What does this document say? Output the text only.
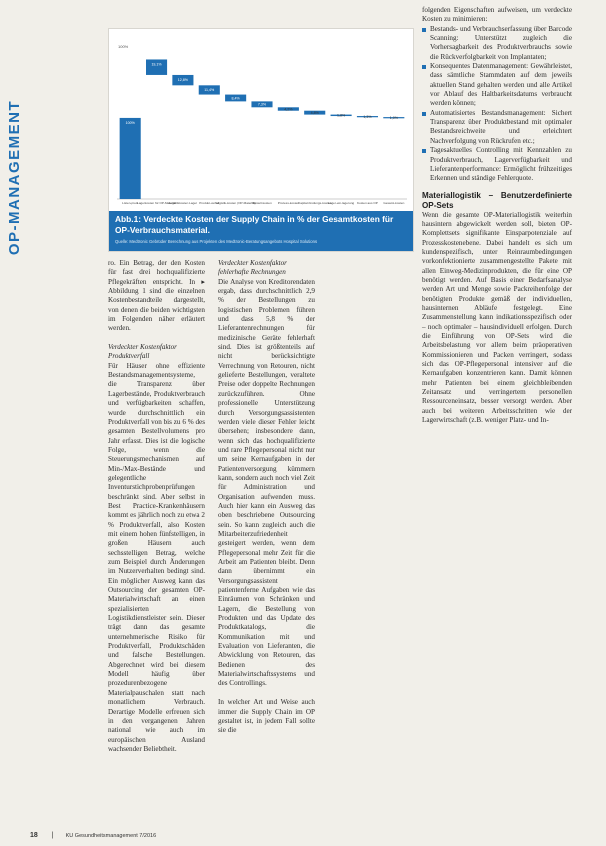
OP-MANAGEMENT
100%
100%
Listen-preis
19,1%
Lagerkosten für OP-Material
12,8%
Logistikkosten Lager
11,4%
Produkt-verfall
8,4%
Logistik-kosten (OP-Material)
7,3%
Bestell-kosten
4,2%
Prozess-kosten
4,8%
Kapital-bindungs-kosten
1,8%
Lager-ein-lagerung
1,3%
Kosten aus OP
1,0%
Gesamt-kosten
Abb.1: Verdeckte Kosten der Supply Chain in % der Gesamtkosten für OP-Verbrauchsmaterial.
Quelle: Medtronic Gebrüder Berechnung aus Projekten des Medtronic-Beratungsangebots Hospital Solutions

ro. Ein Betrag, der den Kosten für fast drei hochqualifizierte Pflegekräften entspricht. In ▸ Abbildung 1 sind die einzelnen Kostenbestandteile dargestellt, von denen die beiden wichtigsten im Folgenden näher erläutert werden.

Verdeckter Kostenfaktor
Produktverfall

Für Häuser ohne effiziente Bestandsmanagementsysteme, die Transparenz über Lagerbestände, Produktverbrauch und verfügbarkeiten schaffen, wurde durchschnittlich ein Produktverfall von bis zu 6 % des gesamten Bestellvolumens pro Jahr erfasst. Dies ist die logische Folge, wenn die Steuerungsmechanismen auf Min-/Max-Bestände und gelegentliche Inventurstichprobenprüfungen beschränkt sind. Aber selbst in Best Practice-Krankenhäusern kommt es jährlich noch zu etwa 2 % Produktverfall, also Kosten mit einem hohen fünfstelligen, in großen Häusern auch sechsstelligen Betrag, welche zum Beispiel durch Änderungen im Nutzerverhalten bedingt sind. Ein möglicher Ausweg kann das Outsourcing der gesamten OP-Materialwirtschaft an einen spezialisierten Logistikdienstleister sein. Dieser trägt dann das gesamte unternehmerische Risiko für Produktverfall, Produktschäden und falsche Bestellungen. Abgerechnet wird bei diesem Modell häufig über prozedurenbezogene Materialpauschalen statt nach monatlichem Verbrauch. Derartige Modelle erfreuen sich in den vergangenen Jahren national wie auch im europäischen Ausland wachsender Beliebtheit.

Verdeckter Kostenfaktor
fehlerhafte Rechnungen

Die Analyse von Kreditorendaten ergab, dass durchschnittlich 2,9 % der Bestellungen zu logistischen Problemen führen und dass 5,8 % der Lieferantenrechnungen für medizinische Geräte fehlerhaft sind. Dies ist größtenteils auf nicht berücksichtigte Verrechnung von Retouren, nicht gelieferte Bestellungen, veraltete Preise oder doppelte Rechnungen zurückzuführen. Ohne professionelle Unterstützung durch Versorgungsassistenten werden viele dieser Fehler leicht übersehen; insbesondere dann, wenn sich das hochqualifizierte und rare Pflegepersonal nicht nur um seine Kernaufgaben in der Patientenversorgung kümmern kann, sondern auch noch viel Zeit für Administration und Organisation aufwenden muss. Auch hier kann ein Ausweg das oben beschriebene Outsourcing sein. So kann zugleich auch die Mitarbeiterzufriedenheit gesteigert werden, wenn dem Pflegepersonal mehr Zeit für die Arbeit am Patienten bleibt. Denn dann übernimmt ein Versorgungsassistent patientenferne Aufgaben wie das Einräumen von Schränken und Lagern, die Bestellung von Produkten und das Update des Produktkatalogs, die Kommunikation mit und Evaluation von Lieferanten, die Abwicklung von Retouren, das Bedienen des Materialwirtschaftssystems und des Controllings.

In welcher Art und Weise auch immer die Supply Chain im OP gestaltet ist, in jedem Fall sollte sie die

folgenden Eigenschaften aufweisen, um verdeckte Kosten zu minimieren:

Bestands- und Verbrauchserfassung über Barcode Scanning: Unterstützt zugleich die Vorhersagbarkeit des Produktverbrauchs sowie die Rückverfolgbarkeit von Implantaten;
Konsequentes Datenmanagement: Gewährleistet, dass sämtliche Stammdaten auf dem jeweils aktuellen Stand gehalten werden und alle Artikel vor Ablauf des Haltbarkeitsdatums verbraucht werden können;
Automatisiertes Bestandsmanagement: Sichert Transparenz über Produktbestand mit optimaler Bestandsreichweite und erleichtert Nachverfolgung von Rückrufen etc.;
Tagesaktuelles Controlling mit Kennzahlen zu Produktverbrauch, Lagerverfügbarkeit und Lieferantenperformance: Ermöglicht frühzeitiges Erkennen und ständige Fehlerquote.

Materiallogistik – Benutzerdefinierte OP-Sets

Wenn die gesamte OP-Materiallogistik weiterhin hausintern abgewickelt werden soll, bieten OP-Komplettsets signifikante Einsparpotenziale auf Prozesskostenebene. Dabei handelt es sich um kundenspezifisch, unter Reinraumbedingungen vorkonfektionierte zusammengestellte Pakete mit allen Einweg-Medizinprodukten, die für eine OP benötigt werden. Auf Basis einer Bedarfsanalyse werden Art und Menge sowie Packreihenfolge der benötigten Produkte gemäß der individuellen, hausinternen Abläufe festgelegt. Eine Zusammenstellung kann indikationsspezifisch oder – noch optimaler – hausindividuell erfolgen. Durch die Einführung von OP-Sets wird die Arbeitsbelastung vor allem beim präoperativen Kommissionieren und Packen verringert, sodass sich das OP-Pflegepersonal intensiver auf die Kernaufgaben konzentrieren kann. Damit können mehr Patienten bei einem gleichbleibenden Zeitansatz und verringertem personellen Ressourceneinsatz, besser versorgt werden. Aber auch bei weiteren Arbeitsschritten wie der Lagerwirtschaft (z.B. weniger Platz- und In-

18 | KU Gesundheitsmanagement 7/2016
